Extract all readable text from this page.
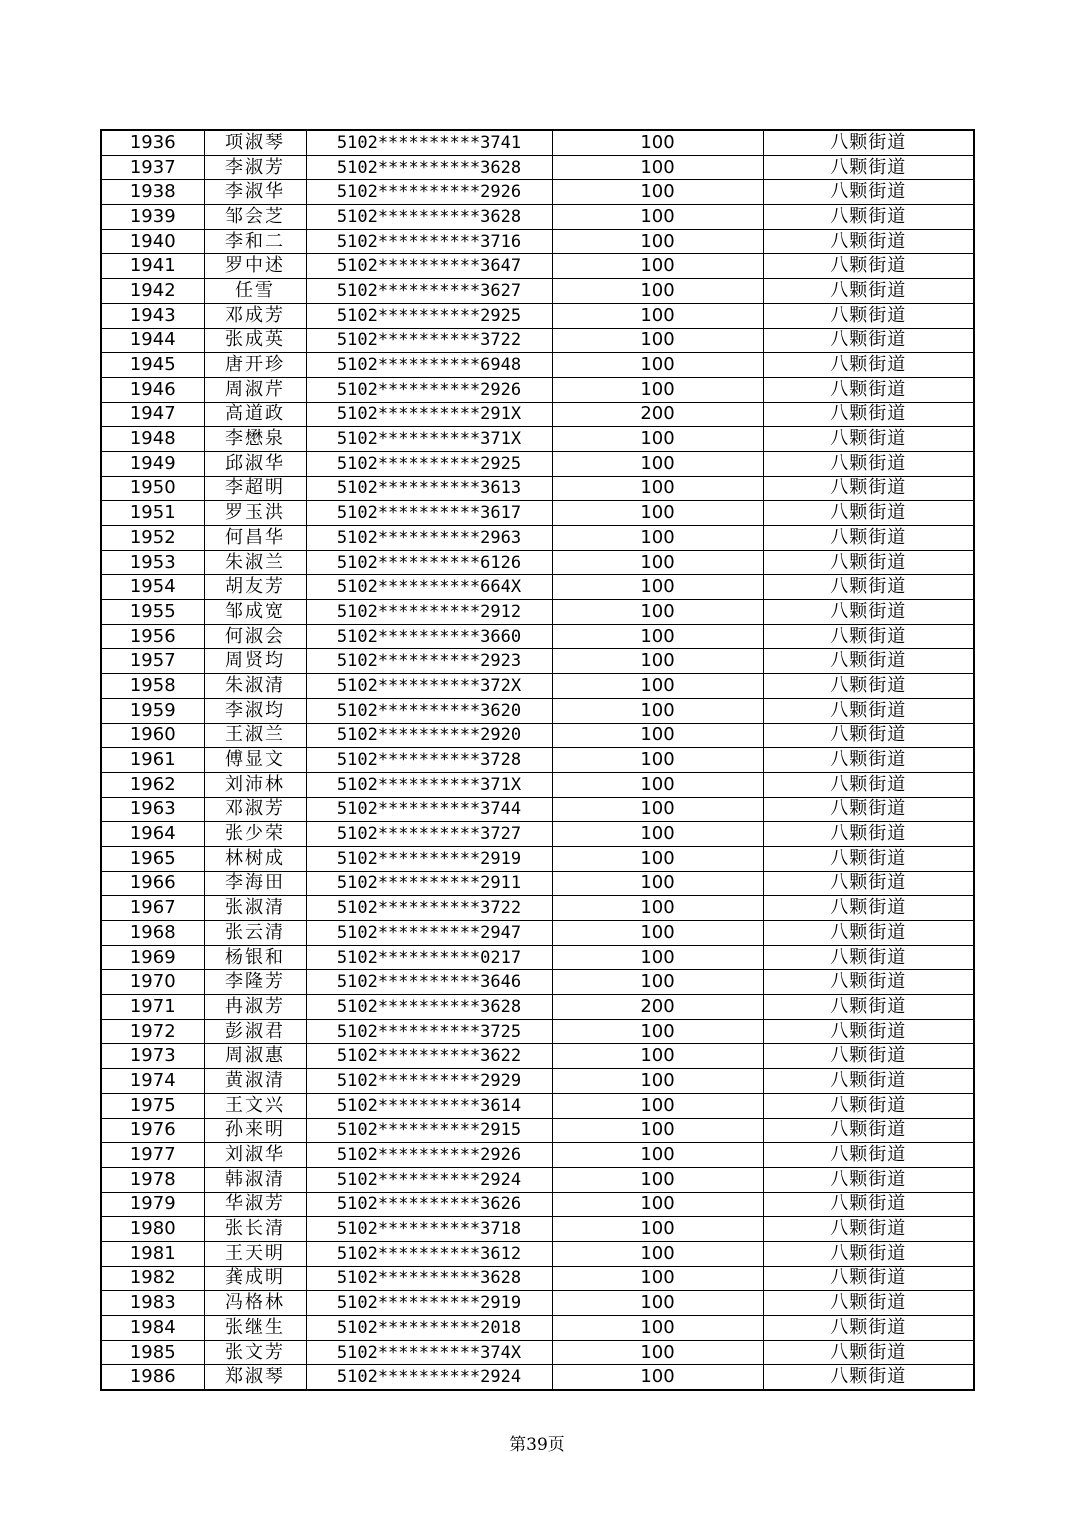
1936	项淑琴	5102**********3741	100	八颗街道
1937	李淑芳	5102**********3628	100	八颗街道
1938	李淑华	5102**********2926	100	八颗街道
1939	邹会芝	5102**********3628	100	八颗街道
1940	李和二	5102**********3716	100	八颗街道
1941	罗中述	5102**********3647	100	八颗街道
1942	任雪	5102**********3627	100	八颗街道
1943	邓成芳	5102**********2925	100	八颗街道
1944	张成英	5102**********3722	100	八颗街道
1945	唐开珍	5102**********6948	100	八颗街道
1946	周淑芹	5102**********2926	100	八颗街道
1947	高道政	5102**********291X	200	八颗街道
1948	李懋泉	5102**********371X	100	八颗街道
1949	邱淑华	5102**********2925	100	八颗街道
1950	李超明	5102**********3613	100	八颗街道
1951	罗玉洪	5102**********3617	100	八颗街道
1952	何昌华	5102**********2963	100	八颗街道
1953	朱淑兰	5102**********6126	100	八颗街道
1954	胡友芳	5102**********664X	100	八颗街道
1955	邹成宽	5102**********2912	100	八颗街道
1956	何淑会	5102**********3660	100	八颗街道
1957	周贤均	5102**********2923	100	八颗街道
1958	朱淑清	5102**********372X	100	八颗街道
1959	李淑均	5102**********3620	100	八颗街道
1960	王淑兰	5102**********2920	100	八颗街道
1961	傅显文	5102**********3728	100	八颗街道
1962	刘沛林	5102**********371X	100	八颗街道
1963	邓淑芳	5102**********3744	100	八颗街道
1964	张少荣	5102**********3727	100	八颗街道
1965	林树成	5102**********2919	100	八颗街道
1966	李海田	5102**********2911	100	八颗街道
1967	张淑清	5102**********3722	100	八颗街道
1968	张云清	5102**********2947	100	八颗街道
1969	杨银和	5102**********0217	100	八颗街道
1970	李隆芳	5102**********3646	100	八颗街道
1971	冉淑芳	5102**********3628	200	八颗街道
1972	彭淑君	5102**********3725	100	八颗街道
1973	周淑惠	5102**********3622	100	八颗街道
1974	黄淑清	5102**********2929	100	八颗街道
1975	王文兴	5102**********3614	100	八颗街道
1976	孙来明	5102**********2915	100	八颗街道
1977	刘淑华	5102**********2926	100	八颗街道
1978	韩淑清	5102**********2924	100	八颗街道
1979	华淑芳	5102**********3626	100	八颗街道
1980	张长清	5102**********3718	100	八颗街道
1981	王天明	5102**********3612	100	八颗街道
1982	龚成明	5102**********3628	100	八颗街道
1983	冯格林	5102**********2919	100	八颗街道
1984	张继生	5102**********2018	100	八颗街道
1985	张文芳	5102**********374X	100	八颗街道
1986	郑淑琴	5102**********2924	100	八颗街道
第39页
